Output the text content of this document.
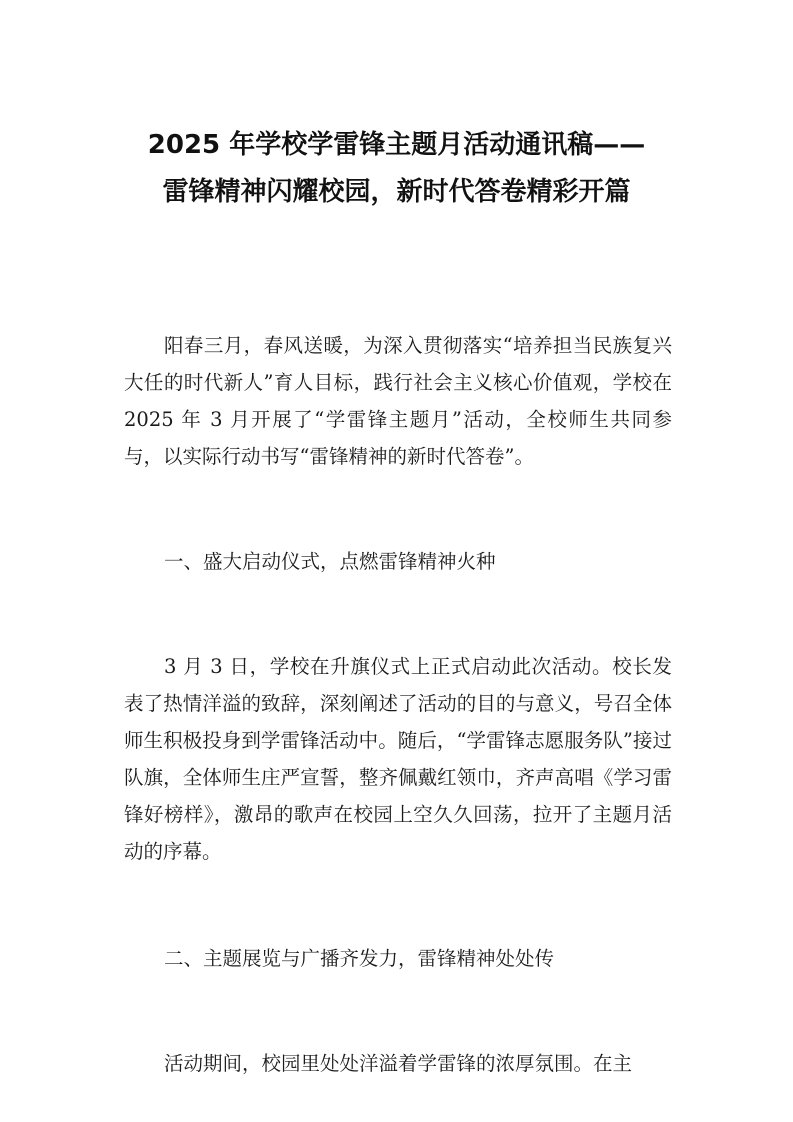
2025 年学校学雷锋主题月活动通讯稿——
雷锋精神闪耀校园，新时代答卷精彩开篇

阳春三月，春风送暖，为深入贯彻落实“培养担当民族复兴大任的时代新人”育人目标，践行社会主义核心价值观，学校在 2025 年 3 月开展了“学雷锋主题月”活动，全校师生共同参与，以实际行动书写“雷锋精神的新时代答卷”。

一、盛大启动仪式，点燃雷锋精神火种

3 月 3 日，学校在升旗仪式上正式启动此次活动。校长发表了热情洋溢的致辞，深刻阐述了活动的目的与意义，号召全体师生积极投身到学雷锋活动中。随后，“学雷锋志愿服务队”接过队旗，全体师生庄严宣誓，整齐佩戴红领巾，齐声高唱《学习雷锋好榜样》，激昂的歌声在校园上空久久回荡，拉开了主题月活动的序幕。

二、主题展览与广播齐发力，雷锋精神处处传

活动期间，校园里处处洋溢着学雷锋的浓厚氛围。在主
